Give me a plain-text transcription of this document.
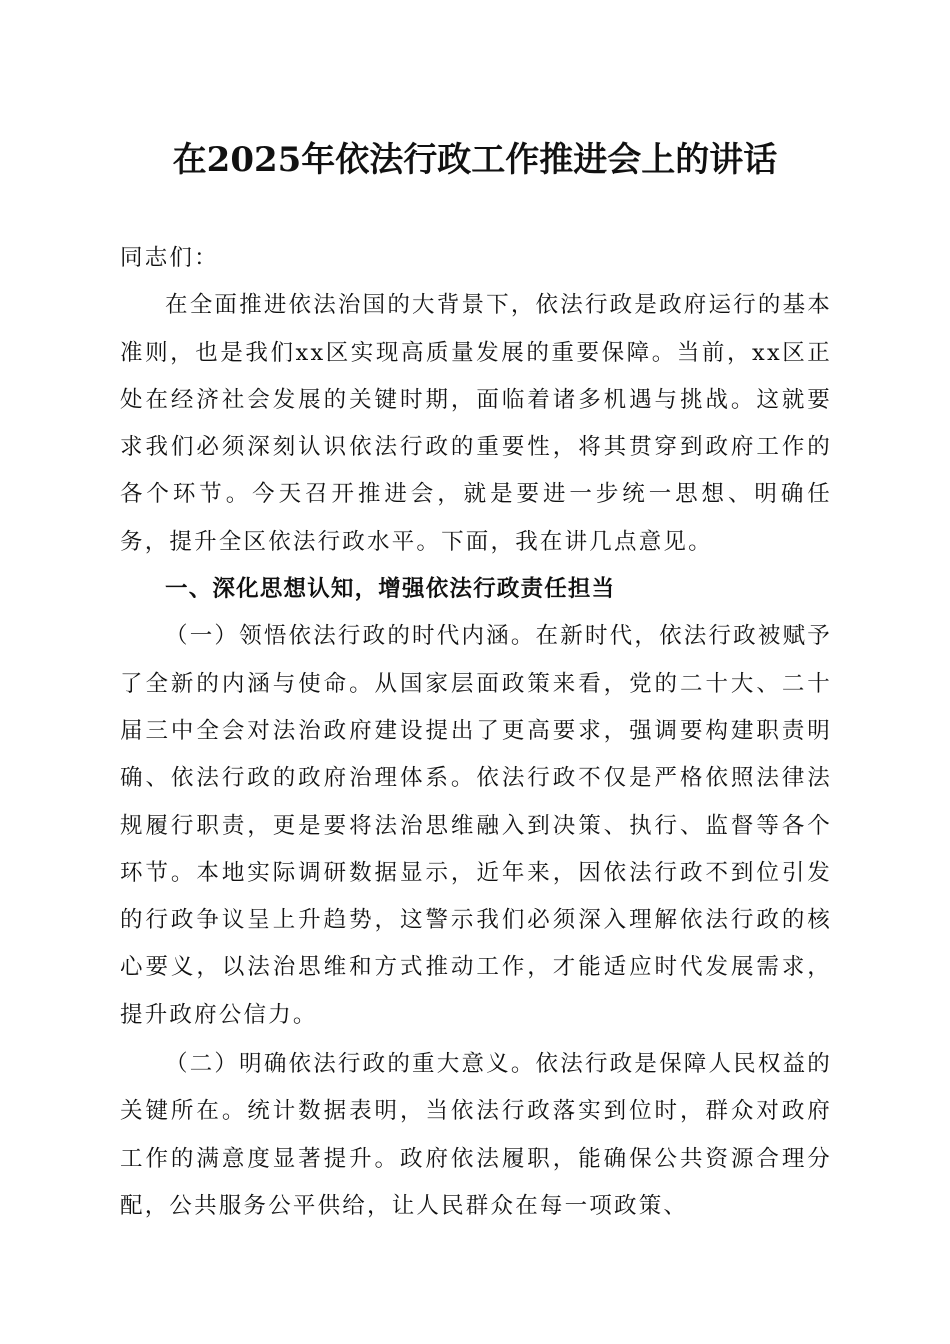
在2025年依法行政工作推进会上的讲话

同志们：

在全面推进依法治国的大背景下，依法行政是政府运行的基本准则，也是我们xx区实现高质量发展的重要保障。当前，xx区正处在经济社会发展的关键时期，面临着诸多机遇与挑战。这就要求我们必须深刻认识依法行政的重要性，将其贯穿到政府工作的各个环节。今天召开推进会，就是要进一步统一思想、明确任务，提升全区依法行政水平。下面，我在讲几点意见。

一、深化思想认知，增强依法行政责任担当

（一）领悟依法行政的时代内涵。在新时代，依法行政被赋予了全新的内涵与使命。从国家层面政策来看，党的二十大、二十届三中全会对法治政府建设提出了更高要求，强调要构建职责明确、依法行政的政府治理体系。依法行政不仅是严格依照法律法规履行职责，更是要将法治思维融入到决策、执行、监督等各个环节。本地实际调研数据显示，近年来，因依法行政不到位引发的行政争议呈上升趋势，这警示我们必须深入理解依法行政的核心要义，以法治思维和方式推动工作，才能适应时代发展需求，提升政府公信力。

（二）明确依法行政的重大意义。依法行政是保障人民权益的关键所在。统计数据表明，当依法行政落实到位时，群众对政府工作的满意度显著提升。政府依法履职，能确保公共资源合理分配，公共服务公平供给，让人民群众在每一项政策、
